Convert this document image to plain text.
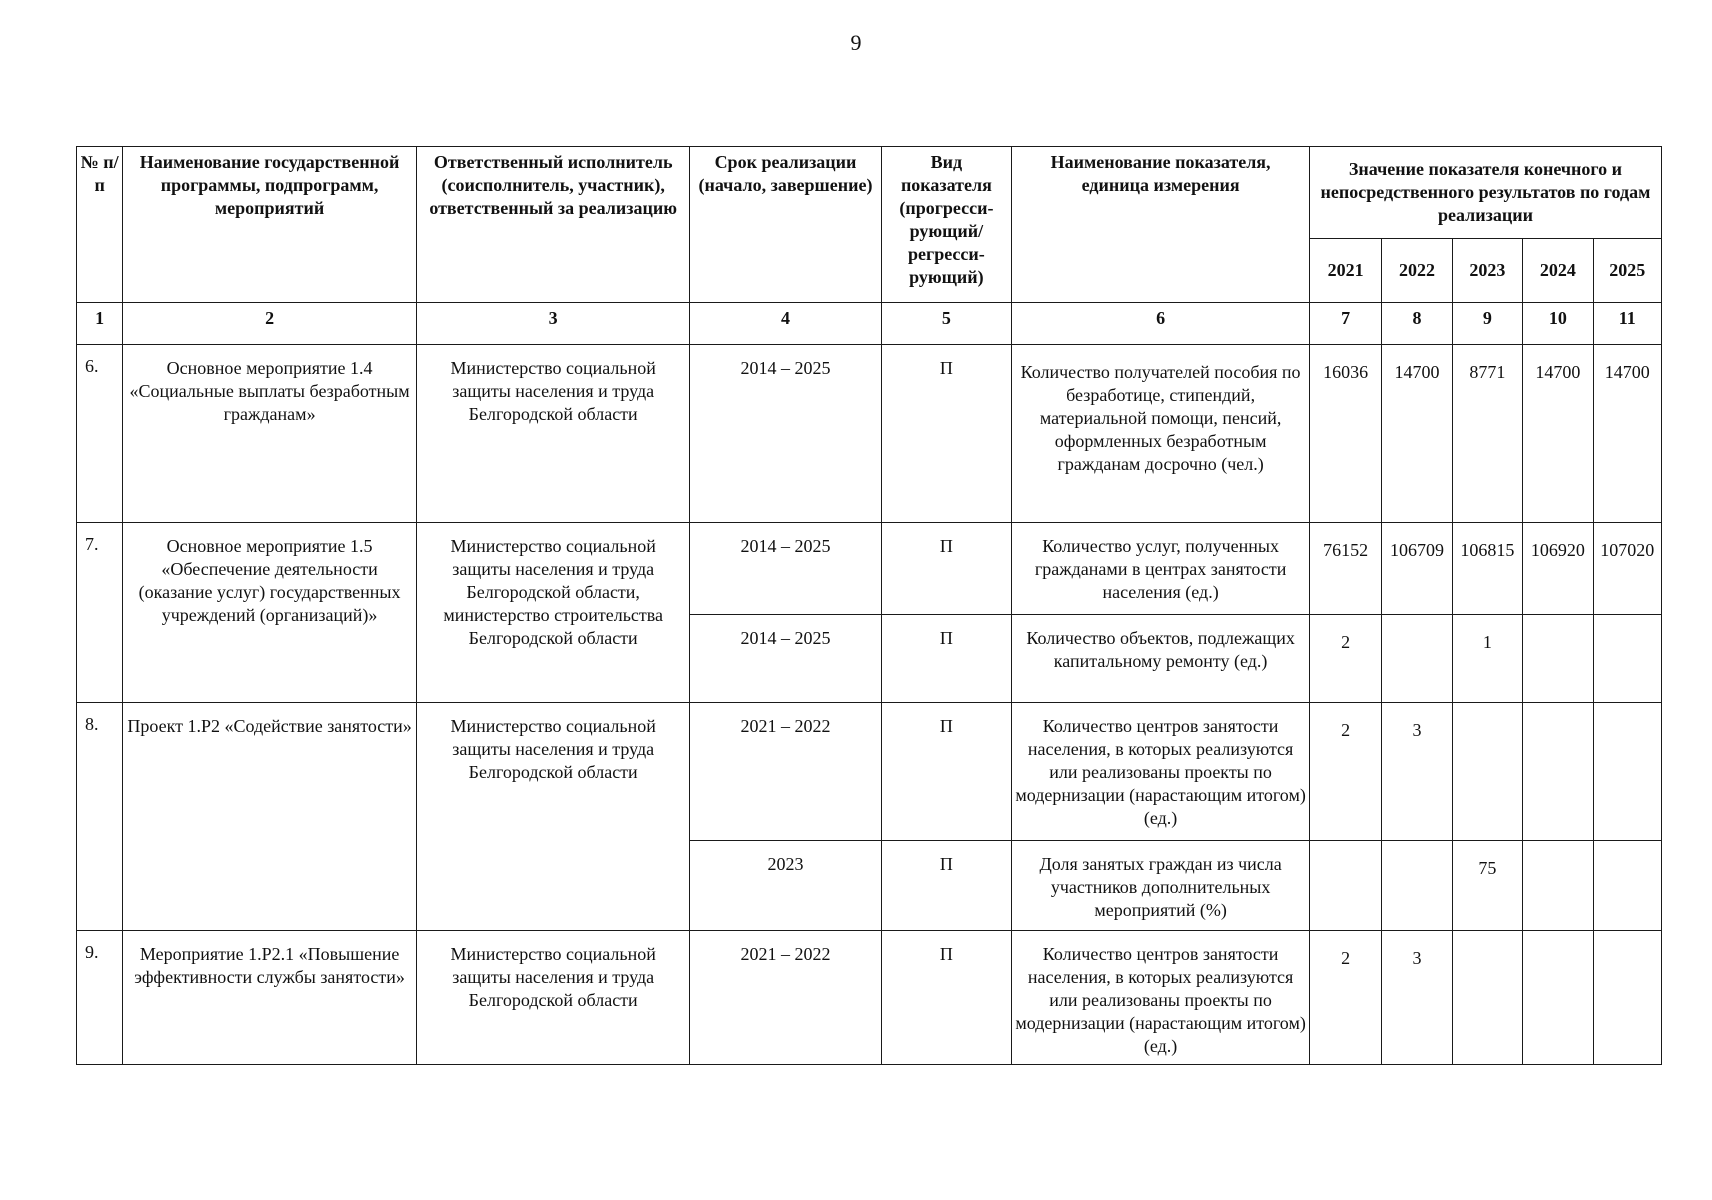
9
№ п/п	Наименование государственной программы, подпрограмм, мероприятий	Ответственный исполнитель (соисполнитель, участник), ответственный за реализацию	Срок реализации (начало, завершение)	Вид показателя (прогресси- рующий/ регресси- рующий)	Наименование показателя, единица измерения	Значение показателя конечного и непосредственного результатов по годам реализации				
						2021	2022	2023	2024	2025
1	2	3	4	5	6	7	8	9	10	11
6.	Основное мероприятие 1.4 «Социальные выплаты безработным гражданам»	Министерство социальной защиты населения и труда Белгородской области	2014 – 2025	П	Количество получателей пособия по безработице, стипендий, материальной помощи, пенсий, оформленных безработным гражданам досрочно (чел.)	16036	14700	8771	14700	14700
7.	Основное мероприятие 1.5 «Обеспечение деятельности (оказание услуг) государственных учреждений (организаций)»	Министерство социальной защиты населения и труда Белгородской области, министерство строительства Белгородской области	2014 – 2025	П	Количество услуг, полученных гражданами в центрах занятости населения (ед.)	76152	106709	106815	106920	107020
			2014 – 2025	П	Количество объектов, подлежащих капитальному ремонту (ед.)	2		1		
8.	Проект 1.Р2 «Содействие занятости»	Министерство социальной защиты населения и труда Белгородской области	2021 – 2022	П	Количество центров занятости населения, в которых реализуются или реализованы проекты по модернизации (нарастающим итогом) (ед.)	2	3			
			2023	П	Доля занятых граждан из числа участников дополнительных мероприятий (%)			75		
9.	Мероприятие 1.Р2.1 «Повышение эффективности службы занятости»	Министерство социальной защиты населения и труда Белгородской области	2021 – 2022	П	Количество центров занятости населения, в которых реализуются или реализованы проекты по модернизации (нарастающим итогом) (ед.)	2	3			
